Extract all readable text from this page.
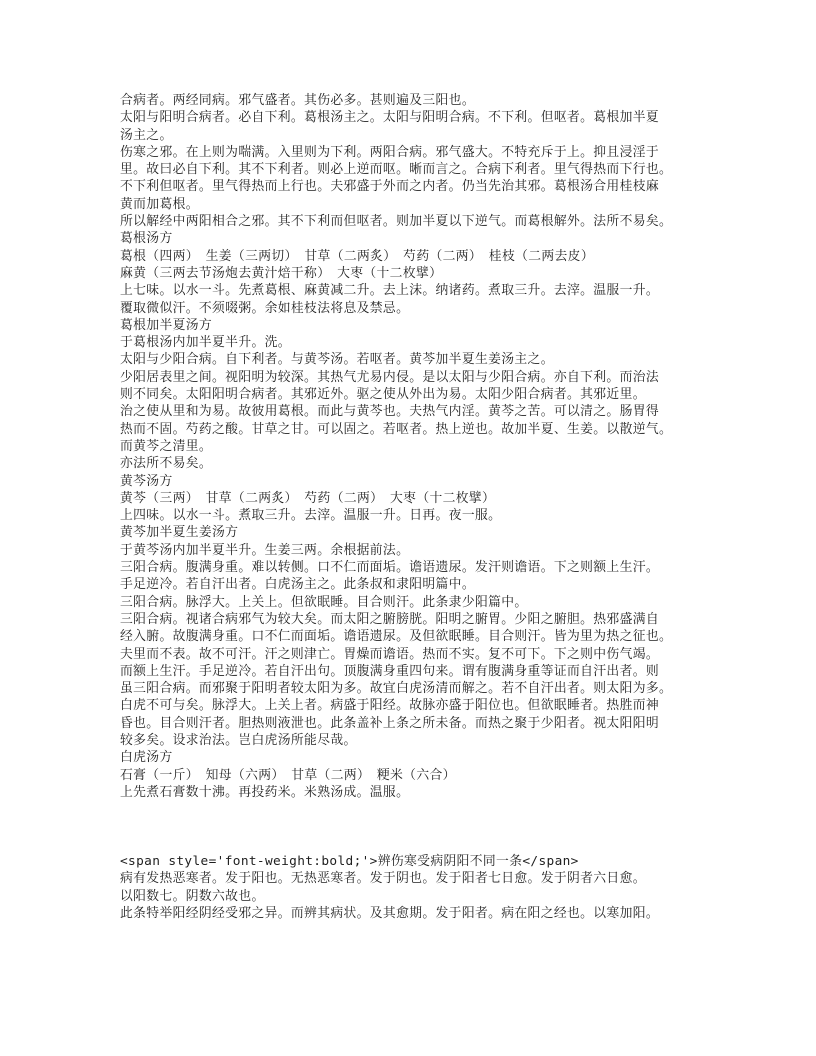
合病者。两经同病。邪气盛者。其伤必多。甚则遍及三阳也。
太阳与阳明合病者。必自下利。葛根汤主之。太阳与阳明合病。不下利。但呕者。葛根加半夏
汤主之。
伤寒之邪。在上则为喘满。入里则为下利。两阳合病。邪气盛大。不特充斥于上。抑且浸淫于
里。故曰必自下利。其不下利者。则必上逆而呕。晰而言之。合病下利者。里气得热而下行也。
不下利但呕者。里气得热而上行也。夫邪盛于外而之内者。仍当先治其邪。葛根汤合用桂枝麻
黄而加葛根。
所以解经中两阳相合之邪。其不下利而但呕者。则加半夏以下逆气。而葛根解外。法所不易矣。
葛根汤方
葛根（四两）　生姜（三两切）　甘草（二两炙）　芍药（二两）　桂枝（二两去皮）
麻黄（三两去节汤炮去黄汁焙干称）　大枣（十二枚擘）
上七味。以水一斗。先煮葛根、麻黄减二升。去上沫。纳诸药。煮取三升。去滓。温服一升。
覆取微似汗。不须啜粥。余如桂枝法将息及禁忌。
葛根加半夏汤方
于葛根汤内加半夏半升。洗。
太阳与少阳合病。自下利者。与黄芩汤。若呕者。黄芩加半夏生姜汤主之。
少阳居表里之间。视阳明为较深。其热气尤易内侵。是以太阳与少阳合病。亦自下利。而治法
则不同矣。太阳阳明合病者。其邪近外。驱之使从外出为易。太阳少阳合病者。其邪近里。
治之使从里和为易。故彼用葛根。而此与黄芩也。夫热气内淫。黄芩之苦。可以清之。肠胃得
热而不固。芍药之酸。甘草之甘。可以固之。若呕者。热上逆也。故加半夏、生姜。以散逆气。
而黄芩之清里。
亦法所不易矣。
黄芩汤方
黄芩（三两）　甘草（二两炙）　芍药（二两）　大枣（十二枚擘）
上四味。以水一斗。煮取三升。去滓。温服一升。日再。夜一服。
黄芩加半夏生姜汤方
于黄芩汤内加半夏半升。生姜三两。余根据前法。
三阳合病。腹满身重。难以转侧。口不仁而面垢。谵语遗尿。发汗则谵语。下之则额上生汗。
手足逆冷。若自汗出者。白虎汤主之。此条叔和隶阳明篇中。
三阳合病。脉浮大。上关上。但欲眠睡。目合则汗。此条隶少阳篇中。
三阳合病。视诸合病邪气为较大矣。而太阳之腑膀胱。阳明之腑胃。少阳之腑胆。热邪盛满自
经入腑。故腹满身重。口不仁而面垢。谵语遗尿。及但欲眠睡。目合则汗。皆为里为热之征也。
夫里而不表。故不可汗。汗之则津亡。胃燥而谵语。热而不实。复不可下。下之则中伤气竭。
而额上生汗。手足逆冷。若自汗出句。顶腹满身重四句来。谓有腹满身重等证而自汗出者。则
虽三阳合病。而邪聚于阳明者较太阳为多。故宜白虎汤清而解之。若不自汗出者。则太阳为多。
白虎不可与矣。脉浮大。上关上者。病盛于阳经。故脉亦盛于阳位也。但欲眠睡者。热胜而神
昏也。目合则汗者。胆热则液泄也。此条盖补上条之所未备。而热之聚于少阳者。视太阳阳明
较多矣。设求治法。岂白虎汤所能尽哉。
白虎汤方
石膏（一斤）　知母（六两）　甘草（二两）　粳米（六合）
上先煮石膏数十沸。再投药米。米熟汤成。温服。
<span style='font-weight:bold;'>辨伤寒受病阴阳不同一条</span>
病有发热恶寒者。发于阳也。无热恶寒者。发于阴也。发于阳者七日愈。发于阴者六日愈。
以阳数七。阴数六故也。
此条特举阳经阴经受邪之异。而辨其病状。及其愈期。发于阳者。病在阳之经也。以寒加阳。
